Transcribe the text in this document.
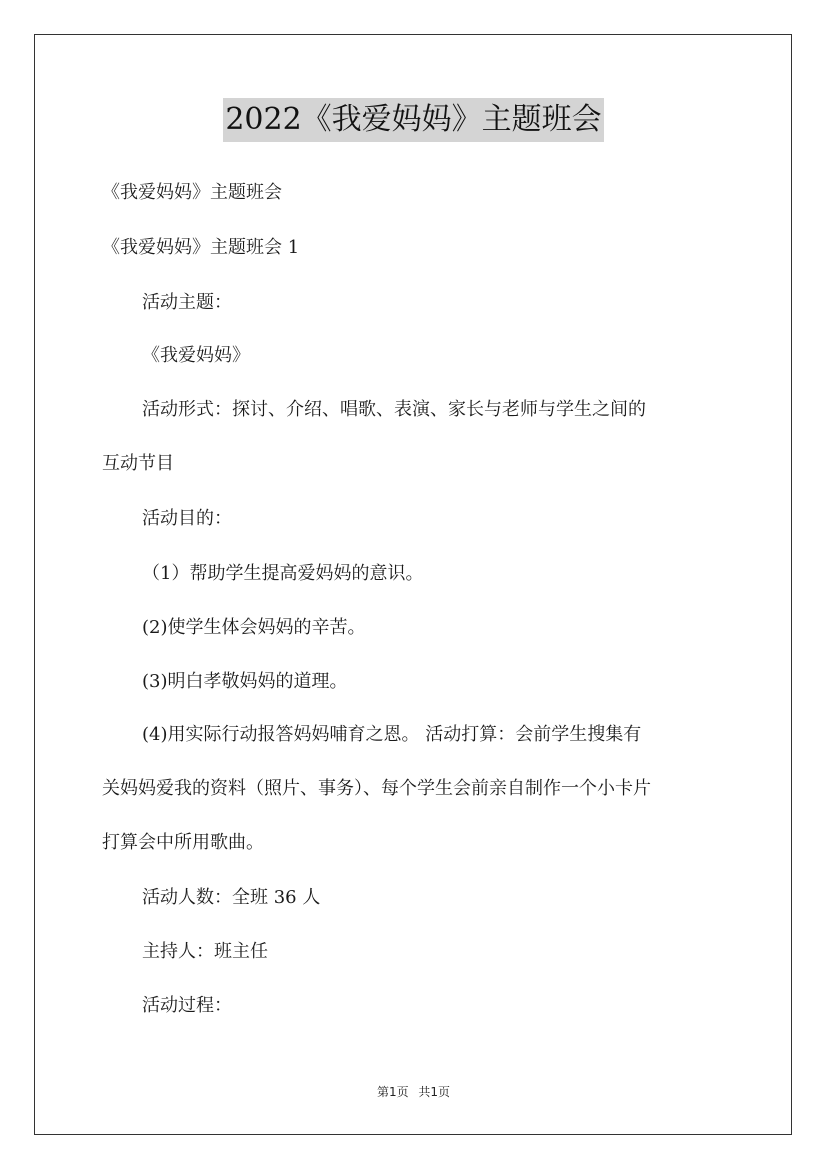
2022《我爱妈妈》主题班会
《我爱妈妈》主题班会
《我爱妈妈》主题班会 1
活动主题：
《我爱妈妈》
活动形式：探讨、介绍、唱歌、表演、家长与老师与学生之间的
互动节目
活动目的：
（1）帮助学生提高爱妈妈的意识。
(2)使学生体会妈妈的辛苦。
(3)明白孝敬妈妈的道理。
(4)用实际行动报答妈妈哺育之恩。 活动打算：会前学生搜集有
关妈妈爱我的资料（照片、事务）、每个学生会前亲自制作一个小卡片
打算会中所用歌曲。
活动人数：全班 36 人
主持人：班主任
活动过程：
第1页 共1页
